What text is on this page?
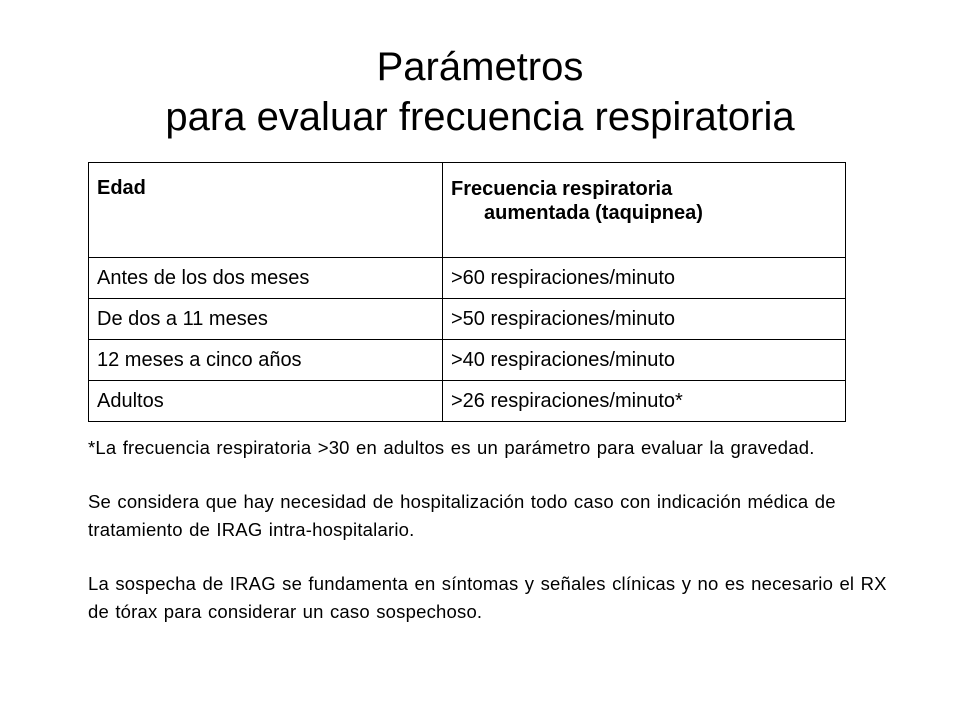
Parámetros
para evaluar frecuencia respiratoria
Edad	Frecuencia respiratoria
aumentada (taquipnea)

Antes de los dos meses	>60 respiraciones/minuto
De dos a 11 meses	>50 respiraciones/minuto
12 meses a cinco años	>40 respiraciones/minuto
Adultos	>26 respiraciones/minuto*

*La frecuencia respiratoria >30 en adultos es un parámetro para evaluar la gravedad.

Se considera que hay necesidad de hospitalización todo caso con indicación médica de tratamiento de IRAG intra-hospitalario.

La sospecha de IRAG se fundamenta en síntomas y señales clínicas y no es necesario el RX de tórax para considerar un caso sospechoso.
